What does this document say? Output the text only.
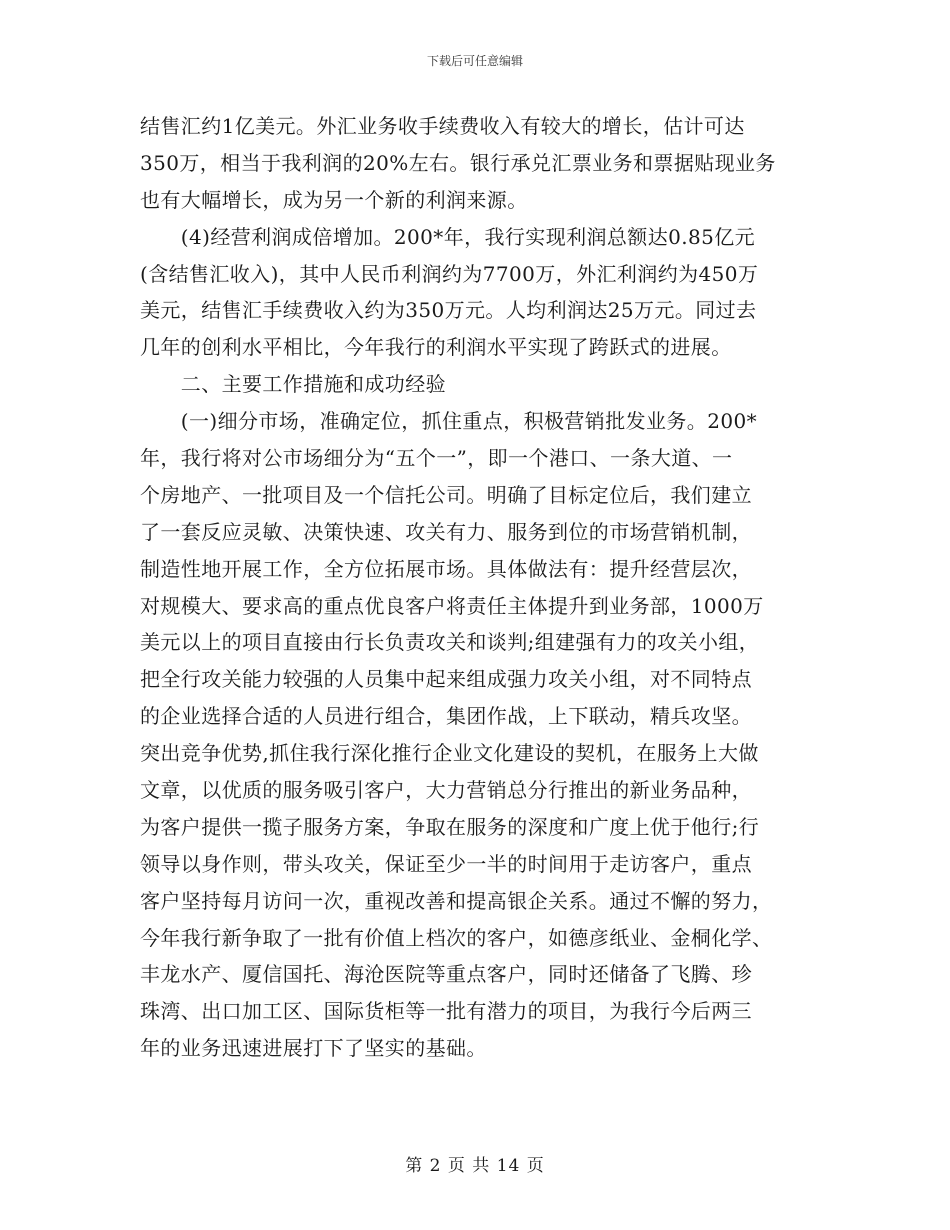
下载后可任意编辑
结售汇约1亿美元。外汇业务收手续费收入有较大的增长，估计可达
350万，相当于我利润的20%左右。银行承兑汇票业务和票据贴现业务
也有大幅增长，成为另一个新的利润来源。
　　(4)经营利润成倍增加。200*年，我行实现利润总额达0.85亿元
(含结售汇收入)，其中人民币利润约为7700万，外汇利润约为450万
美元，结售汇手续费收入约为350万元。人均利润达25万元。同过去
几年的创利水平相比，今年我行的利润水平实现了跨跃式的进展。
　　二、主要工作措施和成功经验
　　(一)细分市场，准确定位，抓住重点，积极营销批发业务。200*
年，我行将对公市场细分为“五个一”，即一个港口、一条大道、一
个房地产、一批项目及一个信托公司。明确了目标定位后，我们建立
了一套反应灵敏、决策快速、攻关有力、服务到位的市场营销机制，
制造性地开展工作，全方位拓展市场。具体做法有：提升经营层次，
对规模大、要求高的重点优良客户将责任主体提升到业务部，1000万
美元以上的项目直接由行长负责攻关和谈判;组建强有力的攻关小组，
把全行攻关能力较强的人员集中起来组成强力攻关小组，对不同特点
的企业选择合适的人员进行组合，集团作战，上下联动，精兵攻坚。
突出竞争优势,抓住我行深化推行企业文化建设的契机，在服务上大做
文章，以优质的服务吸引客户，大力营销总分行推出的新业务品种，
为客户提供一揽子服务方案，争取在服务的深度和广度上优于他行;行
领导以身作则，带头攻关，保证至少一半的时间用于走访客户，重点
客户坚持每月访问一次，重视改善和提高银企关系。通过不懈的努力，
今年我行新争取了一批有价值上档次的客户，如德彦纸业、金桐化学、
丰龙水产、厦信国托、海沧医院等重点客户，同时还储备了飞腾、珍
珠湾、出口加工区、国际货柜等一批有潜力的项目，为我行今后两三
年的业务迅速进展打下了坚实的基础。
第 2 页 共 14 页
